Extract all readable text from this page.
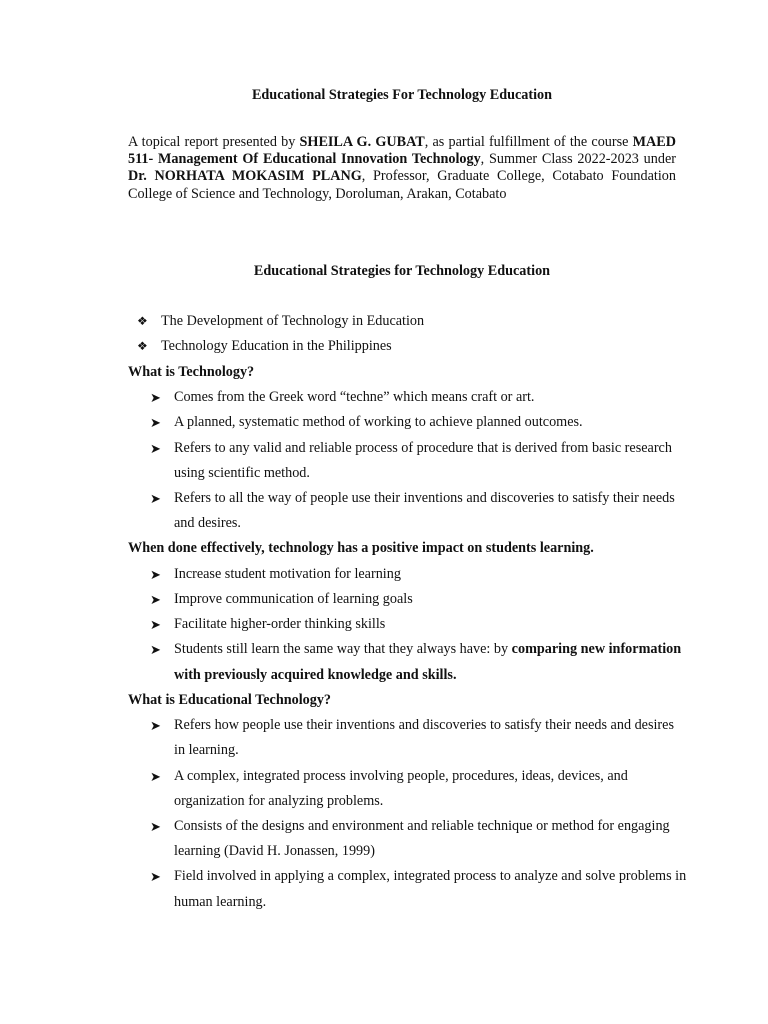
Educational Strategies For Technology Education

A topical report presented by SHEILA G. GUBAT, as partial fulfillment of the course MAED 511- Management Of Educational Innovation Technology, Summer Class 2022-2023 under Dr. NORHATA MOKASIM PLANG, Professor, Graduate College, Cotabato Foundation College of Science and Technology, Doroluman, Arakan, Cotabato

Educational Strategies for Technology Education
❖ The Development of Technology in Education
❖ Technology Education in the Philippines

What is Technology?

➤ Comes from the Greek word “techne” which means craft or art.
➤ A planned, systematic method of working to achieve planned outcomes.
➤ Refers to any valid and reliable process of procedure that is derived from basic research using scientific method.
➤ Refers to all the way of people use their inventions and discoveries to satisfy their needs and desires.

When done effectively, technology has a positive impact on students learning.

➤ Increase student motivation for learning
➤ Improve communication of learning goals
➤ Facilitate higher-order thinking skills
➤ Students still learn the same way that they always have: by comparing new information with previously acquired knowledge and skills.

What is Educational Technology?

➤ Refers how people use their inventions and discoveries to satisfy their needs and desires in learning.
➤ A complex, integrated process involving people, procedures, ideas, devices, and organization for analyzing problems.
➤ Consists of the designs and environment and reliable technique or method for engaging learning (David H. Jonassen, 1999)
➤ Field involved in applying a complex, integrated process to analyze and solve problems in human learning.
